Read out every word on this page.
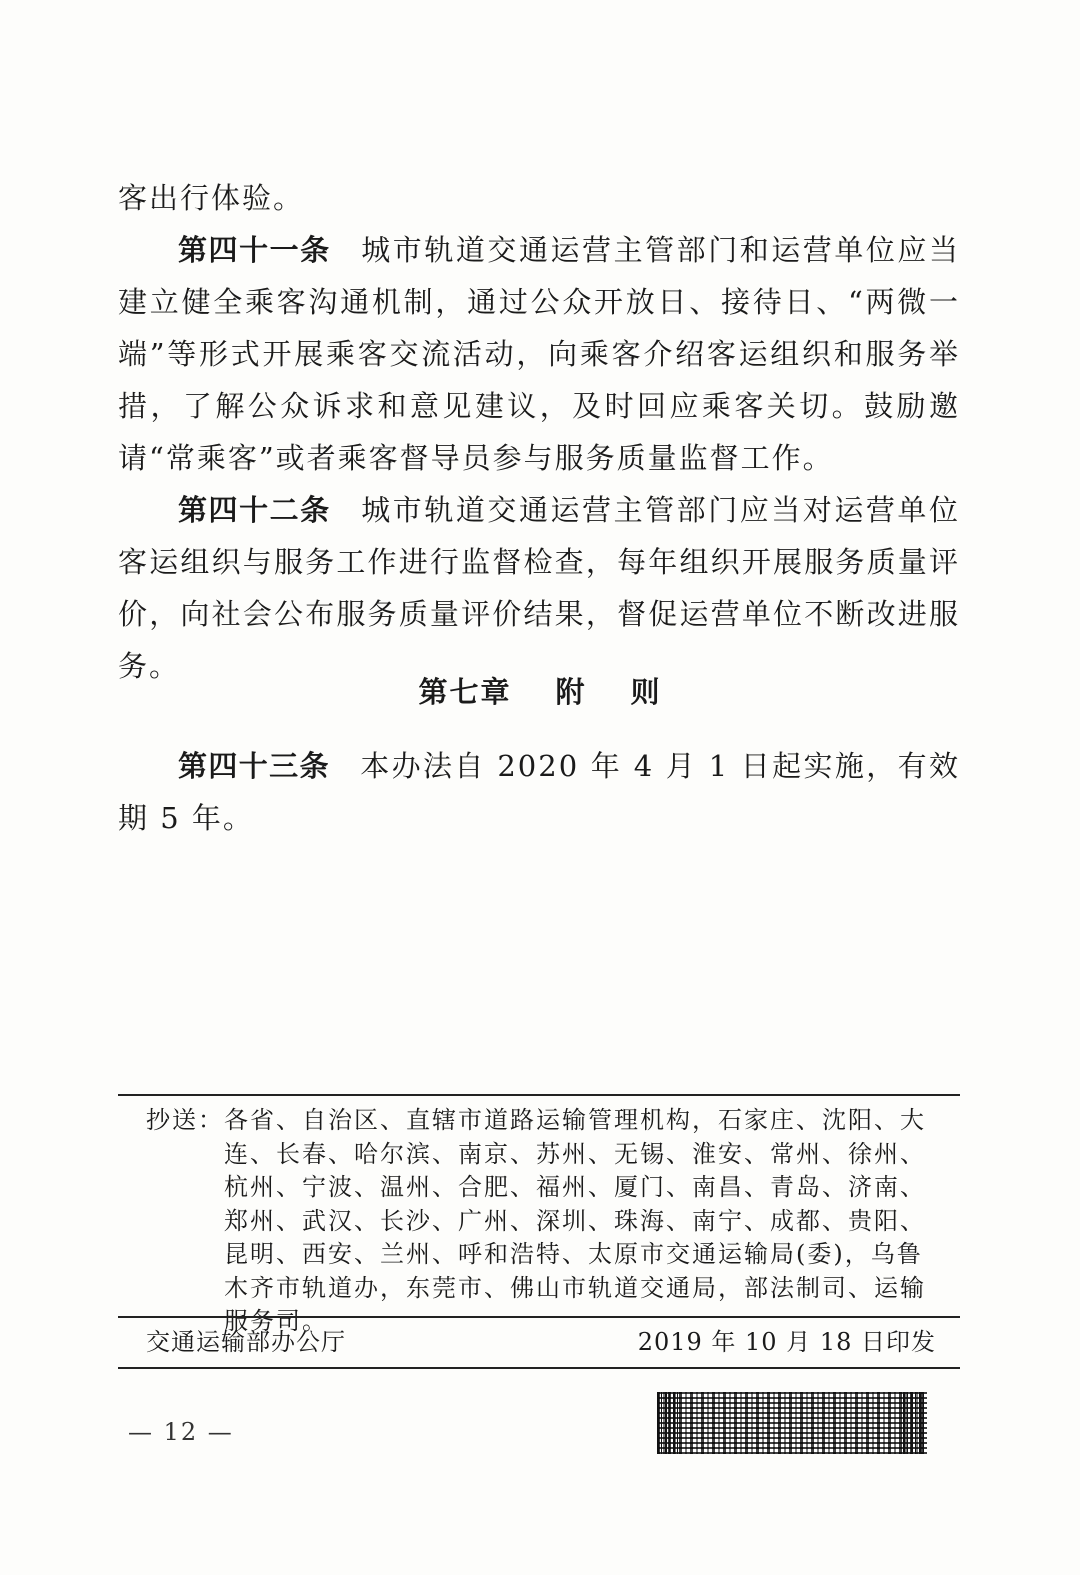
客出行体验。

第四十一条 城市轨道交通运营主管部门和运营单位应当建立健全乘客沟通机制，通过公众开放日、接待日、“两微一端”等形式开展乘客交流活动，向乘客介绍客运组织和服务举措，了解公众诉求和意见建议，及时回应乘客关切。鼓励邀请“常乘客”或者乘客督导员参与服务质量监督工作。

第四十二条 城市轨道交通运营主管部门应当对运营单位客运组织与服务工作进行监督检查，每年组织开展服务质量评价，向社会公布服务质量评价结果，督促运营单位不断改进服务。

第七章 附 则

第四十三条 本办法自 2020 年 4 月 1 日起实施，有效期 5 年。

抄送： 各省、自治区、直辖市道路运输管理机构，石家庄、沈阳、大连、长春、哈尔滨、南京、苏州、无锡、淮安、常州、徐州、杭州、宁波、温州、合肥、福州、厦门、南昌、青岛、济南、郑州、武汉、长沙、广州、深圳、珠海、南宁、成都、贵阳、昆明、西安、兰州、呼和浩特、太原市交通运输局(委)，乌鲁木齐市轨道办，东莞市、佛山市轨道交通局，部法制司、运输服务司。
交通运输部办公厅	2019 年 10 月 18 日印发
— 12 —
